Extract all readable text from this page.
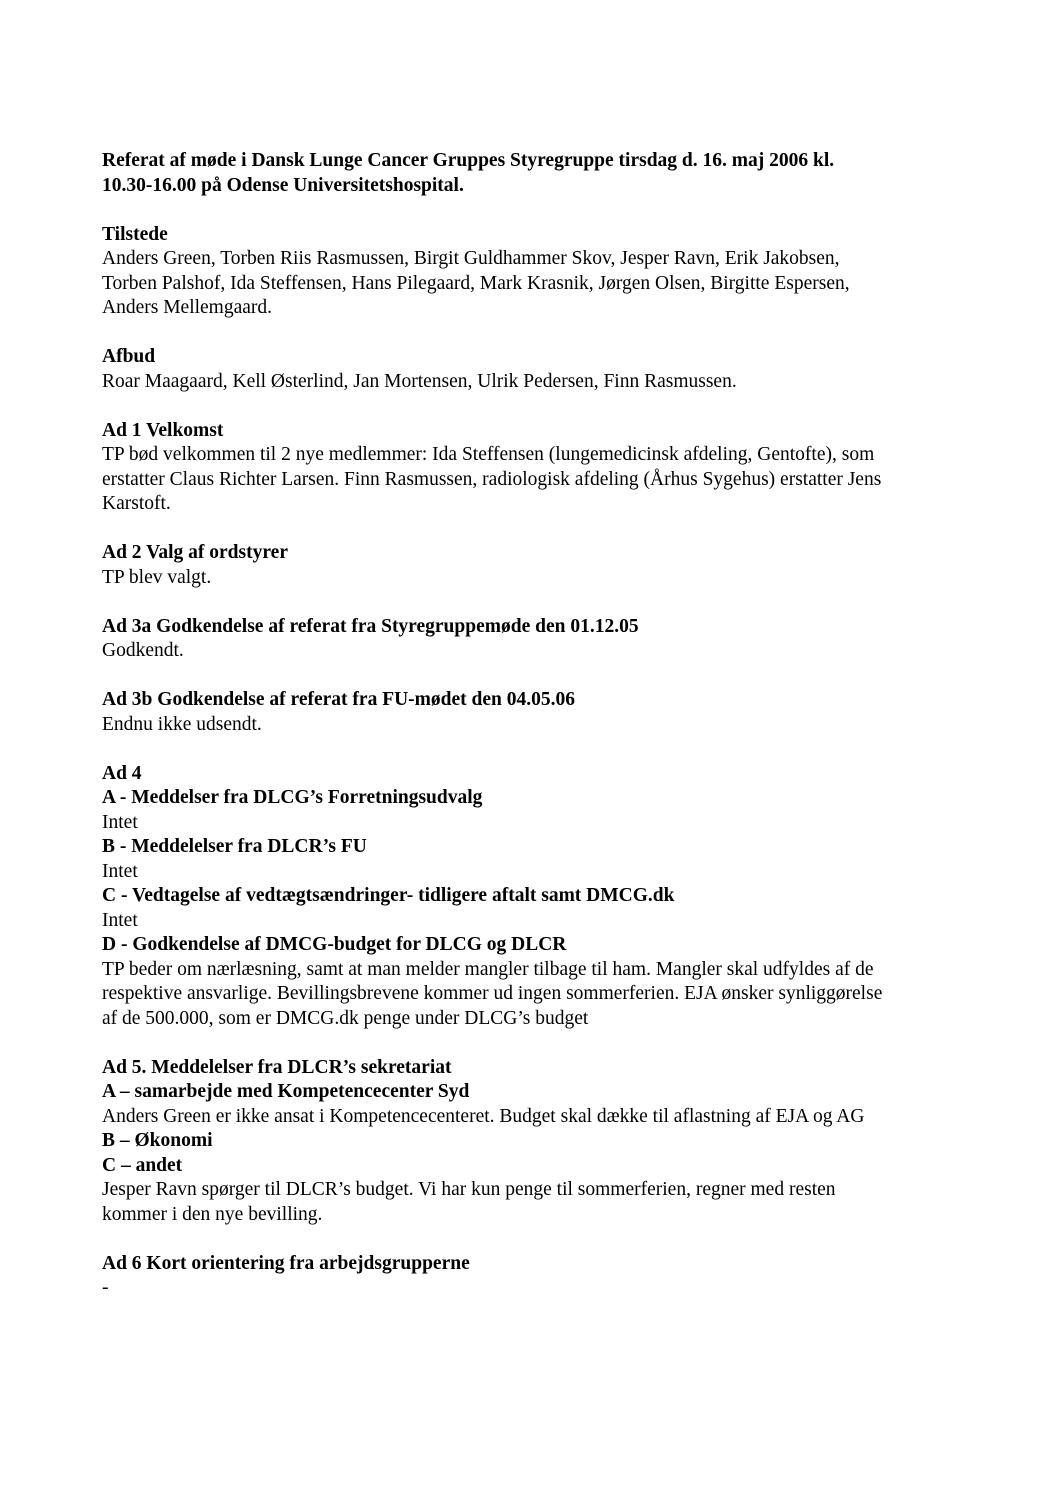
Referat af møde i Dansk Lunge Cancer Gruppes Styregruppe tirsdag d. 16. maj 2006 kl.
10.30-16.00 på Odense Universitetshospital.
Tilstede
Anders Green, Torben Riis Rasmussen, Birgit Guldhammer Skov, Jesper Ravn, Erik Jakobsen,
Torben Palshof, Ida Steffensen, Hans Pilegaard, Mark Krasnik, Jørgen Olsen, Birgitte Espersen,
Anders Mellemgaard.
Afbud
Roar Maagaard, Kell Østerlind, Jan Mortensen, Ulrik Pedersen, Finn Rasmussen.
Ad 1 Velkomst
TP bød velkommen til 2 nye medlemmer: Ida Steffensen (lungemedicinsk afdeling, Gentofte), som
erstatter Claus Richter Larsen. Finn Rasmussen, radiologisk afdeling (Århus Sygehus) erstatter Jens
Karstoft.
Ad 2 Valg af ordstyrer
TP blev valgt.
Ad 3a Godkendelse af referat fra Styregruppemøde den 01.12.05
Godkendt.
Ad 3b Godkendelse af referat fra FU-mødet den 04.05.06
Endnu ikke udsendt.
Ad 4
A - Meddelser fra DLCG’s Forretningsudvalg
Intet
B - Meddelelser fra DLCR’s FU
Intet
C - Vedtagelse af vedtægtsændringer- tidligere aftalt samt DMCG.dk
Intet
D - Godkendelse af DMCG-budget for DLCG og DLCR
TP beder om nærlæsning, samt at man melder mangler tilbage til ham. Mangler skal udfyldes af de
respektive ansvarlige. Bevillingsbrevene kommer ud ingen sommerferien. EJA ønsker synliggørelse
af de 500.000, som er DMCG.dk penge under DLCG’s budget
Ad 5. Meddelelser fra DLCR’s sekretariat
A – samarbejde med Kompetencecenter Syd
Anders Green er ikke ansat i Kompetencecenteret. Budget skal dække til aflastning af EJA og AG
B – Økonomi
C – andet
Jesper Ravn spørger til DLCR’s budget. Vi har kun penge til sommerferien, regner med resten
kommer i den nye bevilling.
Ad 6 Kort orientering fra arbejdsgrupperne
-
